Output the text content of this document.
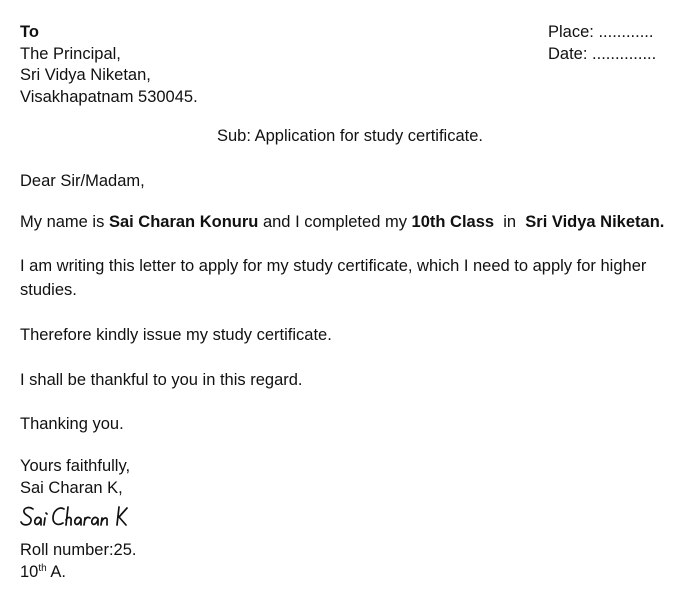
To
The Principal,
Sri Vidya Niketan,
Visakhapatnam 530045.
Place: ............
Date: ..............
Sub: Application for study certificate.
Dear Sir/Madam,
My name is Sai Charan Konuru and I completed my 10th Class  in  Sri Vidya Niketan.
I am writing this letter to apply for my study certificate, which I need to apply for higher studies.
Therefore kindly issue my study certificate.
I shall be thankful to you in this regard.
Thanking you.
Yours faithfully,
Sai Charan K,
Roll number:25.
10th A.
